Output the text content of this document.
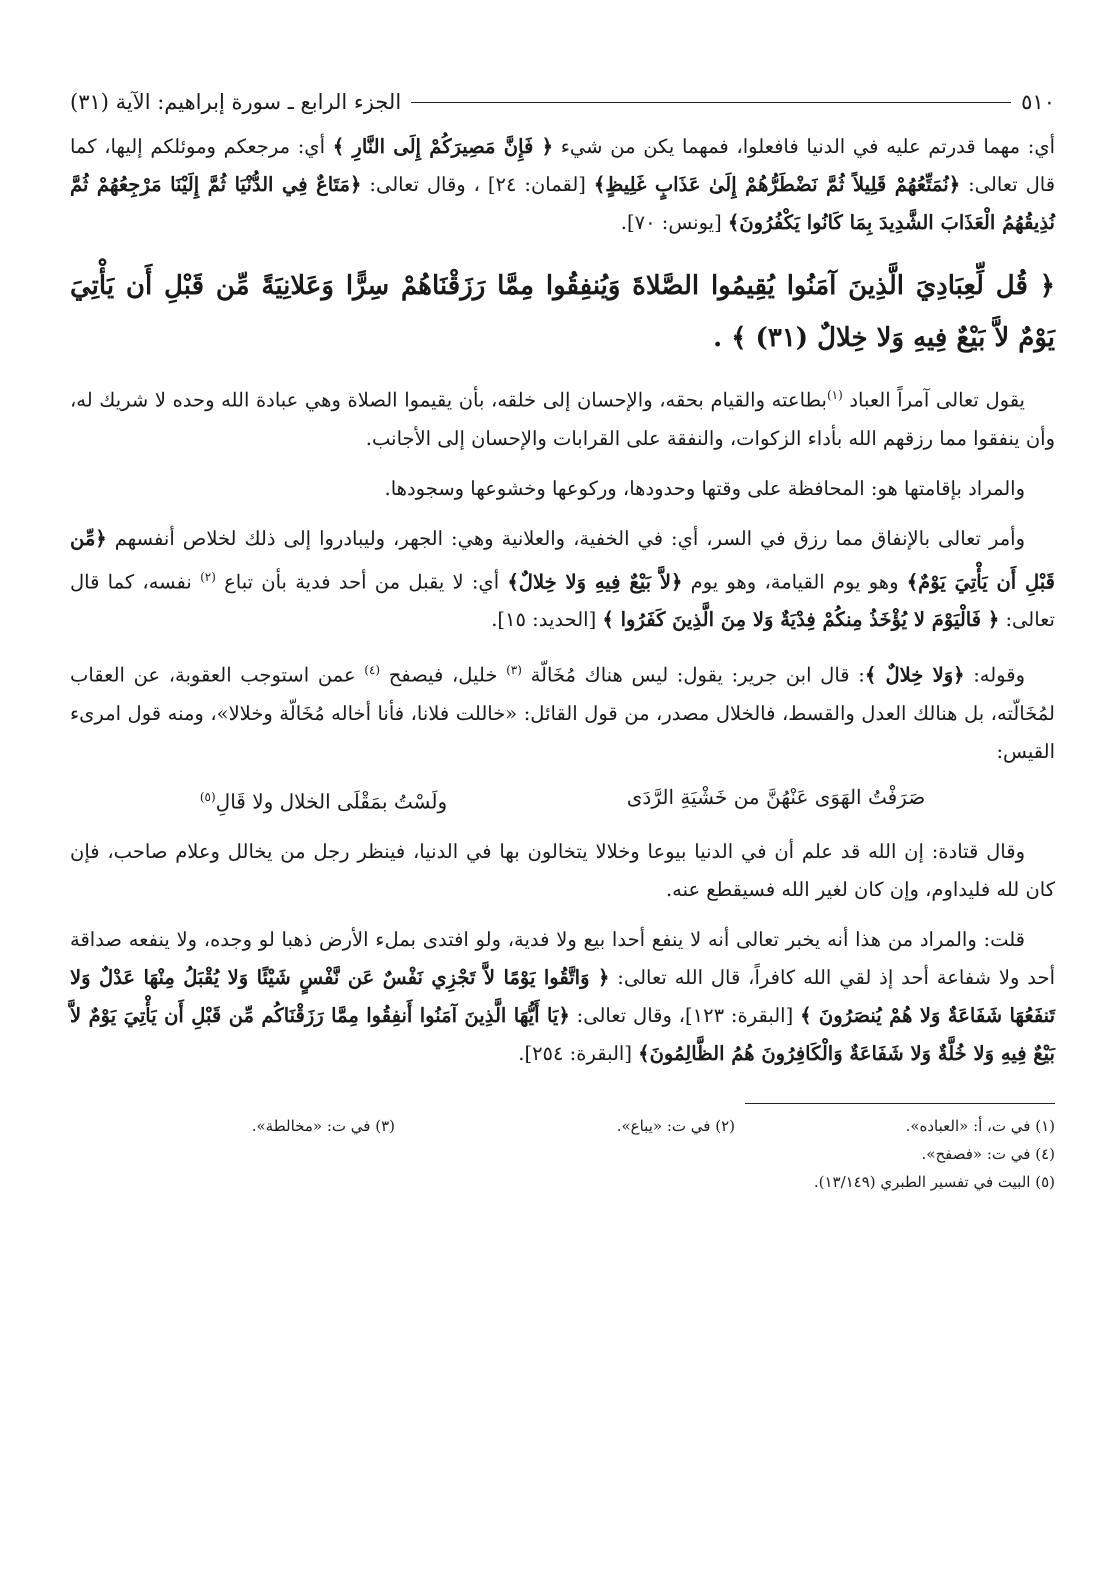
٥١٠
الجزء الرابع ـ سورة إبراهيم: الآية (٣١)

أي: مهما قدرتم عليه في الدنيا فافعلوا، فمهما يكن من شيء ﴿ فَإِنَّ مَصِيرَكُمْ إِلَى النَّارِ ﴾ أي: مرجعكم وموئلكم إليها، كما قال تعالى: ﴿نُمَتِّعُهُمْ قَلِيلاً ثُمَّ نَضْطَرُّهُمْ إِلَىٰ عَذَابٍ غَلِيظٍ﴾ [لقمان: ٢٤] ، وقال تعالى: ﴿مَتَاعٌ فِي الدُّنْيَا ثُمَّ إِلَيْنَا مَرْجِعُهُمْ ثُمَّ نُذِيقُهُمُ الْعَذَابَ الشَّدِيدَ بِمَا كَانُوا يَكْفُرُونَ﴾ [يونس: ٧٠].

﴿ قُل لِّعِبَادِيَ الَّذِينَ آمَنُوا يُقِيمُوا الصَّلاةَ وَيُنفِقُوا مِمَّا رَزَقْنَاهُمْ سِرًّا وَعَلانِيَةً مِّن قَبْلِ أَن يَأْتِيَ يَوْمٌ لاَّ بَيْعٌ فِيهِ وَلا خِلالٌ (٣١) ﴾ .

يقول تعالى آمراً العباد $^{(١)}$بطاعته والقيام بحقه، والإحسان إلى خلقه، بأن يقيموا الصلاة وهي عبادة الله وحده لا شريك له، وأن ينفقوا مما رزقهم الله بأداء الزكوات، والنفقة على القرابات والإحسان إلى الأجانب.

والمراد بإقامتها هو: المحافظة على وقتها وحدودها، وركوعها وخشوعها وسجودها.

وأمر تعالى بالإنفاق مما رزق في السر، أي: في الخفية، والعلانية وهي: الجهر، وليبادروا إلى ذلك لخلاص أنفسهم ﴿مِّن قَبْلِ أَن يَأْتِيَ يَوْمٌ﴾ وهو يوم القيامة، وهو يوم ﴿لاَّ بَيْعٌ فِيهِ وَلا خِلالٌ﴾ أي: لا يقبل من أحد فدية بأن تباع $^{(٢)}$ نفسه، كما قال تعالى: ﴿ فَالْيَوْمَ لا يُؤْخَذُ مِنكُمْ فِدْيَةٌ وَلا مِنَ الَّذِينَ كَفَرُوا ﴾ [الحديد: ١٥].

وقوله: ﴿وَلا خِلالٌ ﴾: قال ابن جرير: يقول: ليس هناك مُخَالّة $^{(٣)}$ خليل، فيصفح $^{(٤)}$ عمن استوجب العقوبة، عن العقاب لمُخَالّته، بل هنالك العدل والقسط، فالخلال مصدر، من قول القائل: «خاللت فلانا، فأنا أخاله مُخَالّة وخلالا»، ومنه قول امرىء القيس:

صَرَفْتُ الهَوَى عَنْهُنَّ من خَشْيَةِ الرَّدَى
ولَسْتُ بمَقْلَى الخلال ولا قَالِ$^{(٥)}$

وقال قتادة: إن الله قد علم أن في الدنيا بيوعا وخلالا يتخالون بها في الدنيا، فينظر رجل من يخالل وعلام صاحب، فإن كان لله فليداوم، وإن كان لغير الله فسيقطع عنه.

قلت: والمراد من هذا أنه يخبر تعالى أنه لا ينفع أحدا بيع ولا فدية، ولو افتدى بملء الأرض ذهبا لو وجده، ولا ينفعه صداقة أحد ولا شفاعة أحد إذ لقي الله كافراً، قال الله تعالى: ﴿ وَاتَّقُوا يَوْمًا لاَّ تَجْزِي نَفْسٌ عَن نَّفْسٍ شَيْئًا وَلا يُقْبَلُ مِنْهَا عَدْلٌ وَلا تَنفَعُهَا شَفَاعَةٌ وَلا هُمْ يُنصَرُونَ ﴾ [البقرة: ١٢٣]، وقال تعالى: ﴿يَا أَيُّهَا الَّذِينَ آمَنُوا أَنفِقُوا مِمَّا رَزَقْنَاكُم مِّن قَبْلِ أَن يَأْتِيَ يَوْمٌ لاَّ بَيْعٌ فِيهِ وَلا خُلَّةٌ وَلا شَفَاعَةٌ وَالْكَافِرُونَ هُمُ الظَّالِمُونَ﴾ [البقرة: ٢٥٤].

(١) في ت، أ: «العباده».
(٢) في ت: «يباع».
(٣) في ت: «مخالطة».
(٤) في ت: «فصفح».
(٥) البيت في تفسير الطبري (١٣/١٤٩).
